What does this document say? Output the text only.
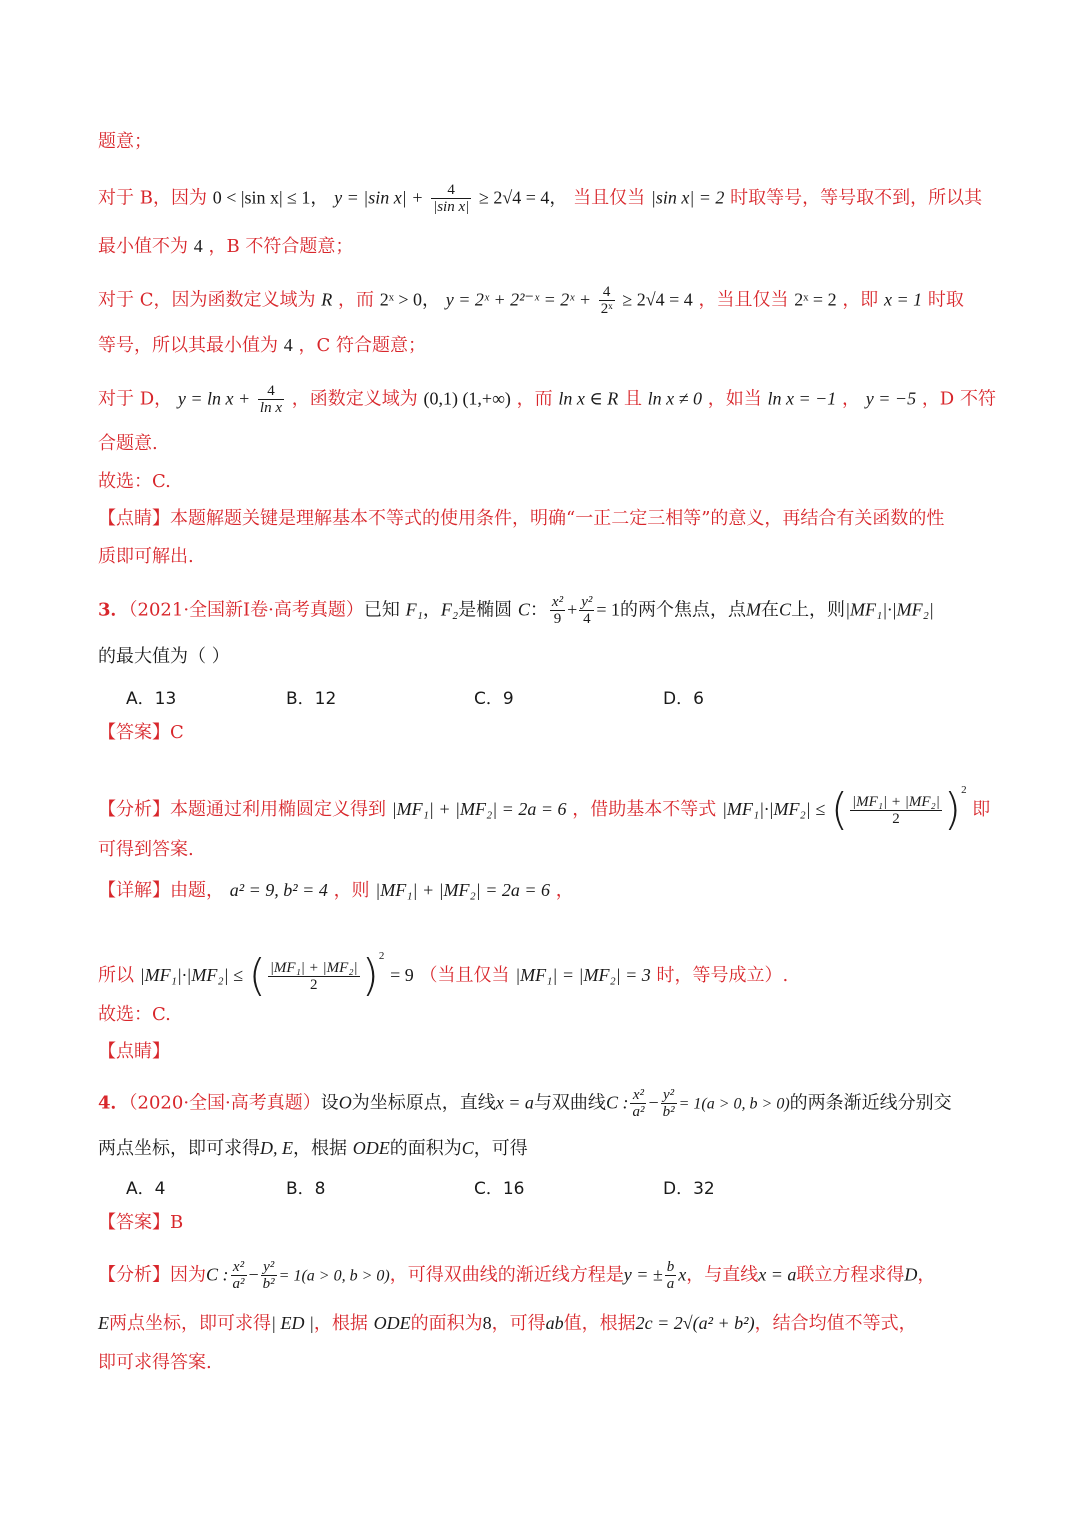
题意；
对于 B，因为 0 < |sin x| ≤ 1， y = |sin $x| + \frac{4}{\text{|sin x|}} \ge 2√4 = 4$， 当且仅当 |sin x| = 2 时取等号，等号取不到，所以其
最小值不为 4 ，B 不符合题意；
对于 C，因为函数定义域为 R ，而 2ˣ > 0， y = 2ˣ + 2²⁻ˣ = 2ˣ + $\frac{4}{\text{2ˣ}} \ge 2√4 = 4$ ，当且仅当 2ˣ = 2 ，即 x = 1 时取
等号，所以其最小值为 4 ，C 符合题意；
对于 D， $y = \ln x + \frac{4}{\text{ln x}}$ ，函数定义域为 (0,1) (1,+∞) ，而 ln x ∈ R 且 ln x ≠ 0 ，如当 ln x = −1 ， y = −5 ，D 不符
合题意.
故选：C.
【点睛】本题解题关键是理解基本不等式的使用条件，明确“一正二定三相等”的意义，再结合有关函数的性
质即可解出.
3．（2021·全国新Ⅰ卷·高考真题）已知 F₁，F₂是椭圆 C： $\frac{\text{x²}}{9} + \frac{\text{y²}}{4} = 1$的两个焦点，点M在C上，则|MF₁|·|MF₂|
的最大值为（ ）
A．13	B．12	C．9	D．6
【答案】C
【分析】本题通过利用椭圆定义得到 |MF₁| + |MF₂| = 2a = 6 ，借助基本不等式 |MF₁|·|MF₂| ≤ ( $\frac{\text{|MF₁| + |MF₂|}}{2} )^2$ 即
可得到答案.
【详解】由题， a² = 9, b² = 4 ，则 |MF₁| + |MF₂| = 2a = 6 ，
所以 |MF₁|·|MF₂| ≤ ( $\frac{\text{|MF₁| + |MF₂|}}{2} )^2 = 9$ （当且仅当 |MF₁| = |MF₂| = 3 时，等号成立）.
故选：C.
【点睛】
4．（2020·全国·高考真题）设O为坐标原点，直线x = a与双曲线C : $\frac{\text{x²}}{\text{a²}} - \frac{\text{y²}}{\text{b²}} = 1(a > 0$, b > 0)的两条渐近线分别交
两点坐标，即可求得D, E，根据 ODE的面积为C，可得
A．4	B．8	C．16	D．32
【答案】B
【分析】因为C : $\frac{\text{x²}}{\text{a²}} - \frac{\text{y²}}{\text{b²}} = 1(a > 0$, b > 0)，可得双曲线的渐近线方程是y = ± $\frac{b}{a}$ x，与直线x = a联立方程求得D，
E两点坐标，即可求得| ED |，根据 ODE的面积为8，可得ab值，根据2c = 2√(a² + b²)，结合均值不等式，
即可求得答案.
